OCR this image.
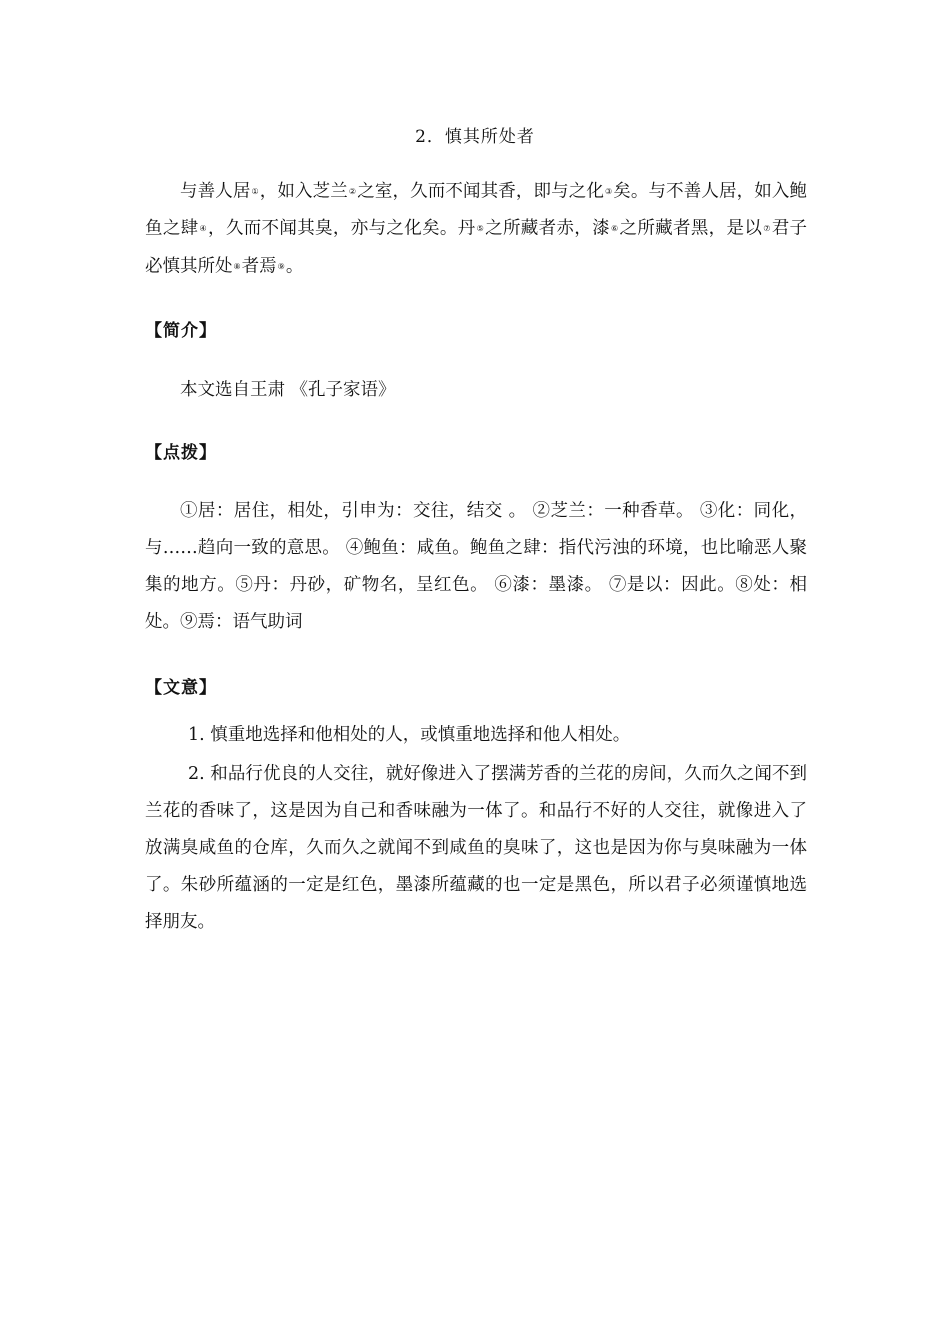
2．慎其所处者

与善人居①，如入芝兰②之室，久而不闻其香，即与之化③矣。与不善人居，如入鲍鱼之肆④，久而不闻其臭，亦与之化矣。丹⑤之所藏者赤，漆⑥之所藏者黑，是以⑦君子必慎其所处⑧者焉⑨。

【简介】
本文选自王肃 《孔子家语》
【点拨】

①居：居住，相处，引申为：交往，结交 。 ②芝兰：一种香草。 ③化：同化，与……趋向一致的意思。 ④鲍鱼：咸鱼。鲍鱼之肆：指代污浊的环境，也比喻恶人聚集的地方。⑤丹：丹砂，矿物名，呈红色。 ⑥漆：墨漆。 ⑦是以：因此。⑧处：相处。⑨焉：语气助词

【文意】
1. 慎重地选择和他相处的人，或慎重地选择和他人相处。

2. 和品行优良的人交往，就好像进入了摆满芳香的兰花的房间，久而久之闻不到兰花的香味了，这是因为自己和香味融为一体了。和品行不好的人交往，就像进入了放满臭咸鱼的仓库，久而久之就闻不到咸鱼的臭味了，这也是因为你与臭味融为一体了。朱砂所蕴涵的一定是红色，墨漆所蕴藏的也一定是黑色，所以君子必须谨慎地选择朋友。
